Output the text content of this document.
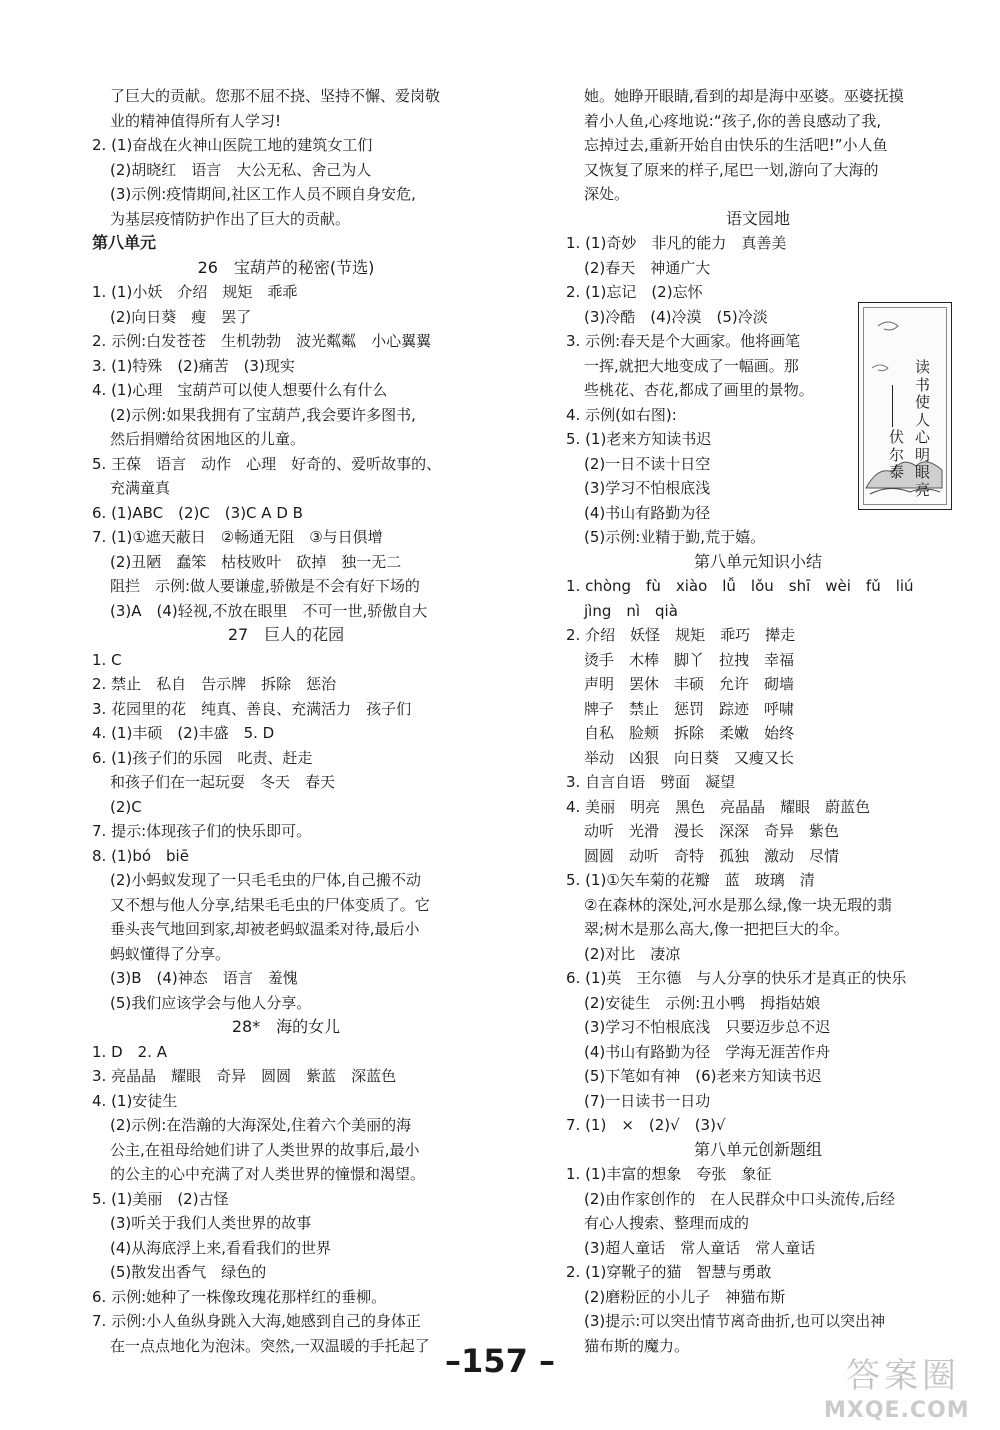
了巨大的贡献。您那不屈不挠、坚持不懈、爱岗敬
业的精神值得所有人学习!
2. (1)奋战在火神山医院工地的建筑女工们
(2)胡晓红　语言　大公无私、舍己为人
(3)示例:疫情期间,社区工作人员不顾自身安危,
为基层疫情防护作出了巨大的贡献。
第八单元
26　宝葫芦的秘密(节选)
1. (1)小妖　介绍　规矩　乖乖
(2)向日葵　瘦　罢了
2. 示例:白发苍苍　生机勃勃　波光粼粼　小心翼翼
3. (1)特殊　(2)痛苦　(3)现实
4. (1)心理　宝葫芦可以使人想要什么有什么
(2)示例:如果我拥有了宝葫芦,我会要许多图书,
然后捐赠给贫困地区的儿童。
5. 王葆　语言　动作　心理　好奇的、爱听故事的、
充满童真
6. (1)ABC　(2)C　(3)C A D B
7. (1)①遮天蔽日　②畅通无阻　③与日俱增
(2)丑陋　蠢笨　枯枝败叶　砍掉　独一无二
阻拦　示例:做人要谦虚,骄傲是不会有好下场的
(3)A　(4)轻视,不放在眼里　不可一世,骄傲自大
27　巨人的花园
1. C
2. 禁止　私自　告示牌　拆除　惩治
3. 花园里的花　纯真、善良、充满活力　孩子们
4. (1)丰硕　(2)丰盛　5. D
6. (1)孩子们的乐园　叱责、赶走
和孩子们在一起玩耍　冬天　春天
(2)C
7. 提示:体现孩子们的快乐即可。
8. (1)bó　biē
(2)小蚂蚁发现了一只毛毛虫的尸体,自己搬不动
又不想与他人分享,结果毛毛虫的尸体变质了。它
垂头丧气地回到家,却被老蚂蚁温柔对待,最后小
蚂蚁懂得了分享。
(3)B　(4)神态　语言　羞愧
(5)我们应该学会与他人分享。
28*　海的女儿
1. D　2. A
3. 亮晶晶　耀眼　奇异　圆圆　紫蓝　深蓝色
4. (1)安徒生
(2)示例:在浩瀚的大海深处,住着六个美丽的海
公主,在祖母给她们讲了人类世界的故事后,最小
的公主的心中充满了对人类世界的憧憬和渴望。
5. (1)美丽　(2)古怪
(3)听关于我们人类世界的故事
(4)从海底浮上来,看看我们的世界
(5)散发出香气　绿色的
6. 示例:她种了一株像玫瑰花那样红的垂柳。
7. 示例:小人鱼纵身跳入大海,她感到自己的身体正
在一点点地化为泡沫。突然,一双温暖的手托起了
她。她睁开眼睛,看到的却是海中巫婆。巫婆抚摸
着小人鱼,心疼地说:“孩子,你的善良感动了我,
忘掉过去,重新开始自由快乐的生活吧!”小人鱼
又恢复了原来的样子,尾巴一划,游向了大海的
深处。
语文园地
1. (1)奇妙　非凡的能力　真善美
(2)春天　神通广大
2. (1)忘记　(2)忘怀
(3)冷酷　(4)冷漠　(5)冷淡
3. 示例:春天是个大画家。他将画笔
一挥,就把大地变成了一幅画。那
些桃花、杏花,都成了画里的景物。
4. 示例(如右图):
5. (1)老来方知读书迟
(2)一日不读十日空
(3)学习不怕根底浅
(4)书山有路勤为径
(5)示例:业精于勤,荒于嬉。
第八单元知识小结
1. chòng　fù　xiào　lǚ　lǒu　shī　wèi　fǔ　liú
jìng　nì　qià
2. 介绍　妖怪　规矩　乖巧　撵走
烫手　木棒　脚丫　拉拽　幸福
声明　罢休　丰硕　允许　砌墙
牌子　禁止　惩罚　踪迹　呼啸
自私　脸颊　拆除　柔嫩　始终
举动　凶狠　向日葵　又瘦又长
3. 自言自语　劈面　凝望
4. 美丽　明亮　黑色　亮晶晶　耀眼　蔚蓝色
动听　光滑　漫长　深深　奇异　紫色
圆圆　动听　奇特　孤独　激动　尽情
5. (1)①矢车菊的花瓣　蓝　玻璃　清
②在森林的深处,河水是那么绿,像一块无瑕的翡
翠;树木是那么高大,像一把把巨大的伞。
(2)对比　凄凉
6. (1)英　王尔德　与人分享的快乐才是真正的快乐
(2)安徒生　示例:丑小鸭　拇指姑娘
(3)学习不怕根底浅　只要迈步总不迟
(4)书山有路勤为径　学海无涯苦作舟
(5)下笔如有神　(6)老来方知读书迟
(7)一日读书一日功
7. (1)　×　(2)√　(3)√
第八单元创新题组
1. (1)丰富的想象　夸张　象征
(2)由作家创作的　在人民群众中口头流传,后经
有心人搜索、整理而成的
(3)超人童话　常人童话　常人童话
2. (1)穿靴子的猫　智慧与勇敢
(2)磨粉匠的小儿子　神猫布斯
(3)提示:可以突出情节离奇曲折,也可以突出神
猫布斯的魔力。
读书使人心明眼亮
伏尔泰
–157 –	答案圈
MXQE.COM
